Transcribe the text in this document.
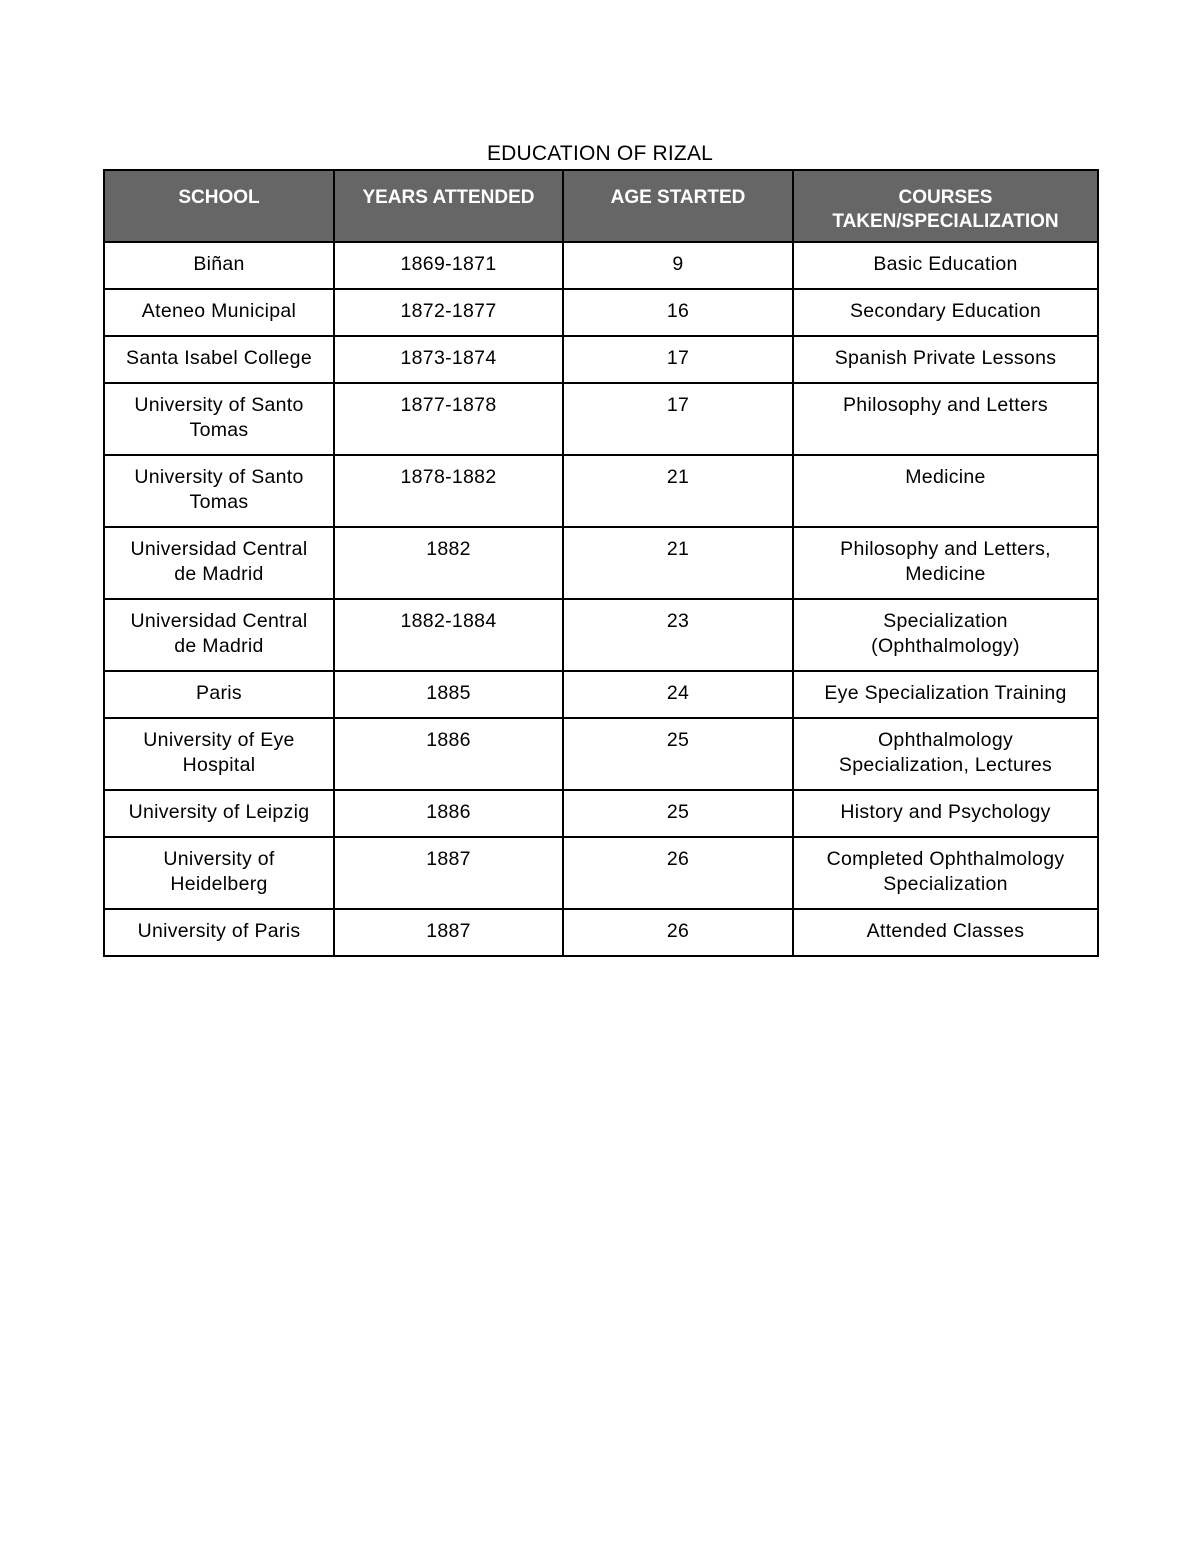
EDUCATION OF RIZAL
SCHOOL	YEARS ATTENDED	AGE STARTED	COURSES TAKEN/SPECIALIZATION
Biñan	1869-1871	9	Basic Education
Ateneo Municipal	1872-1877	16	Secondary Education
Santa Isabel College	1873-1874	17	Spanish Private Lessons
University of Santo Tomas	1877-1878	17	Philosophy and Letters
University of Santo Tomas	1878-1882	21	Medicine
Universidad Central de Madrid	1882	21	Philosophy and Letters, Medicine
Universidad Central de Madrid	1882-1884	23	Specialization (Ophthalmology)
Paris	1885	24	Eye Specialization Training
University of Eye Hospital	1886	25	Ophthalmology Specialization, Lectures
University of Leipzig	1886	25	History and Psychology
University of Heidelberg	1887	26	Completed Ophthalmology Specialization
University of Paris	1887	26	Attended Classes
